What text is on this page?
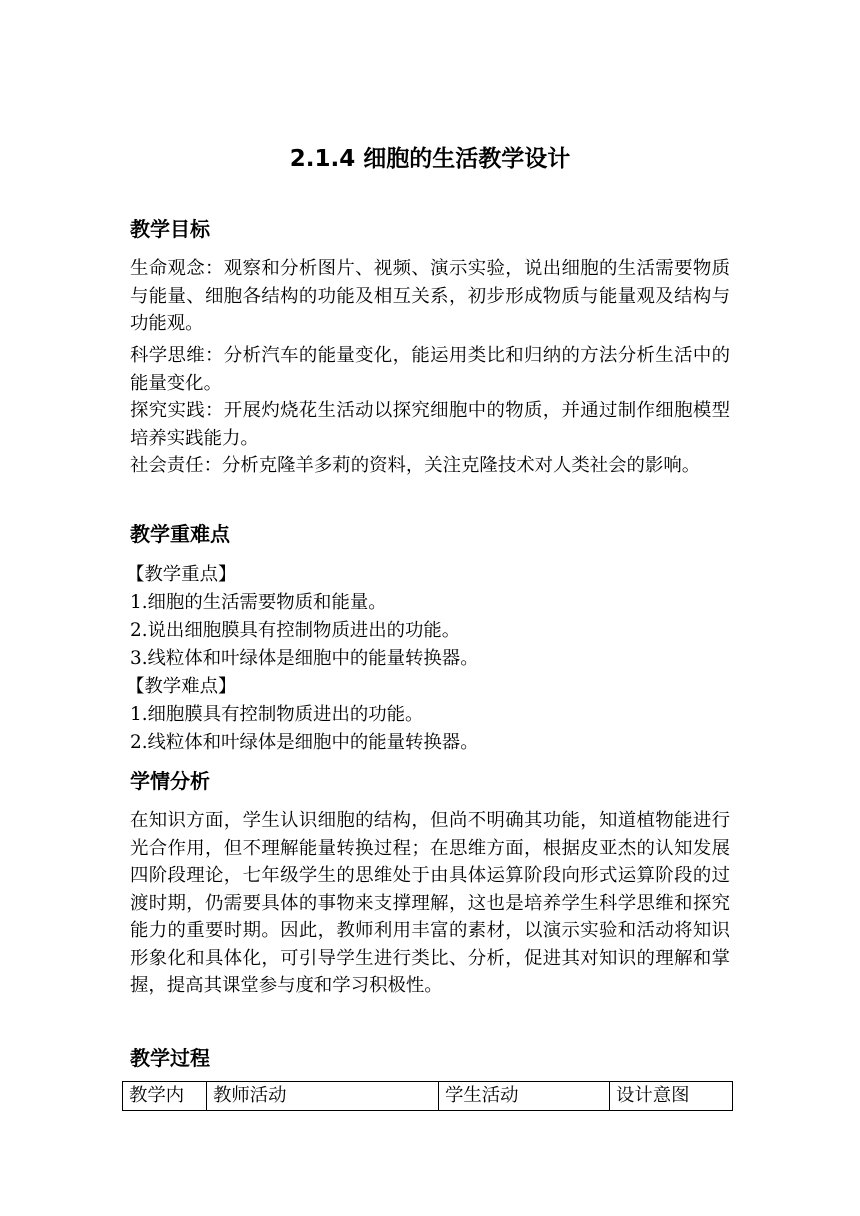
2.1.4 细胞的生活教学设计
教学目标

生命观念：观察和分析图片、视频、演示实验，说出细胞的生活需要物质与能量、细胞各结构的功能及相互关系，初步形成物质与能量观及结构与功能观。

科学思维：分析汽车的能量变化，能运用类比和归纳的方法分析生活中的能量变化。

探究实践：开展灼烧花生活动以探究细胞中的物质，并通过制作细胞模型培养实践能力。

社会责任：分析克隆羊多莉的资料，关注克隆技术对人类社会的影响。

教学重难点

【教学重点】

1.细胞的生活需要物质和能量。

2.说出细胞膜具有控制物质进出的功能。

3.线粒体和叶绿体是细胞中的能量转换器。

【教学难点】

1.细胞膜具有控制物质进出的功能。

2.线粒体和叶绿体是细胞中的能量转换器。

学情分析

在知识方面，学生认识细胞的结构，但尚不明确其功能，知道植物能进行光合作用，但不理解能量转换过程；在思维方面，根据皮亚杰的认知发展四阶段理论，七年级学生的思维处于由具体运算阶段向形式运算阶段的过渡时期，仍需要具体的事物来支撑理解，这也是培养学生科学思维和探究能力的重要时期。因此，教师利用丰富的素材，以演示实验和活动将知识形象化和具体化，可引导学生进行类比、分析，促进其对知识的理解和掌握，提高其课堂参与度和学习积极性。

教学过程
教学内	教师活动	学生活动	设计意图
